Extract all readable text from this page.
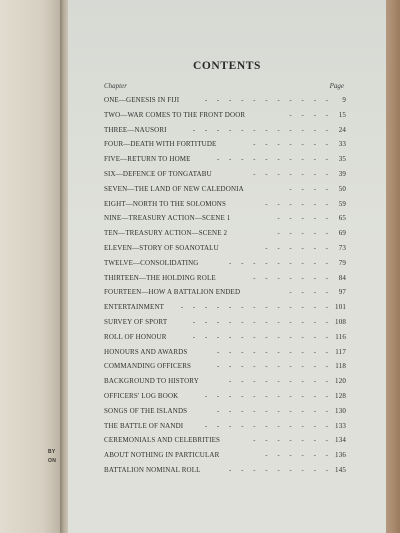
BY
ON
CONTENTS
Chapter	Page
- - - - - - - - - - -
ONE—GENESIS IN FIJI	9
- - - -
TWO—WAR COMES TO THE FRONT DOOR	15
- - - - - - - - - - - -
THREE—NAUSORI	24
- - - - - - -
FOUR—DEATH WITH FORTITUDE	33
- - - - - - - - - -
FIVE—RETURN TO HOME	35
- - - - - - -
SIX—DEFENCE OF TONGATABU	39
- - - -
SEVEN—THE LAND OF NEW CALEDONIA	50
- - - - - -
EIGHT—NORTH TO THE SOLOMONS	59
- - - - -
NINE—TREASURY ACTION—SCENE 1	65
- - - - -
TEN—TREASURY ACTION—SCENE 2	69
- - - - - -
ELEVEN—STORY OF SOANOTALU	73
- - - - - - - - -
TWELVE—CONSOLIDATING	79
- - - - - - -
THIRTEEN—THE HOLDING ROLE	84
- - - -
FOURTEEN—HOW A BATTALION ENDED	97
- - - - - - - - - - - - -
ENTERTAINMENT	101
- - - - - - - - - - - -
SURVEY OF SPORT	108
- - - - - - - - - - - -
ROLL OF HONOUR	116
- - - - - - - - - -
HONOURS AND AWARDS	117
- - - - - - - - - -
COMMANDING OFFICERS	118
- - - - - - - - -
BACKGROUND TO HISTORY	120
- - - - - - - - - - -
OFFICERS' LOG BOOK	128
- - - - - - - - - -
SONGS OF THE ISLANDS	130
- - - - - - - - - - -
THE BATTLE OF NANDI	133
- - - - - - -
CEREMONIALS AND CELEBRITIES	134
- - - - - -
ABOUT NOTHING IN PARTICULAR	136
- - - - - - - - -
BATTALION NOMINAL ROLL	145
